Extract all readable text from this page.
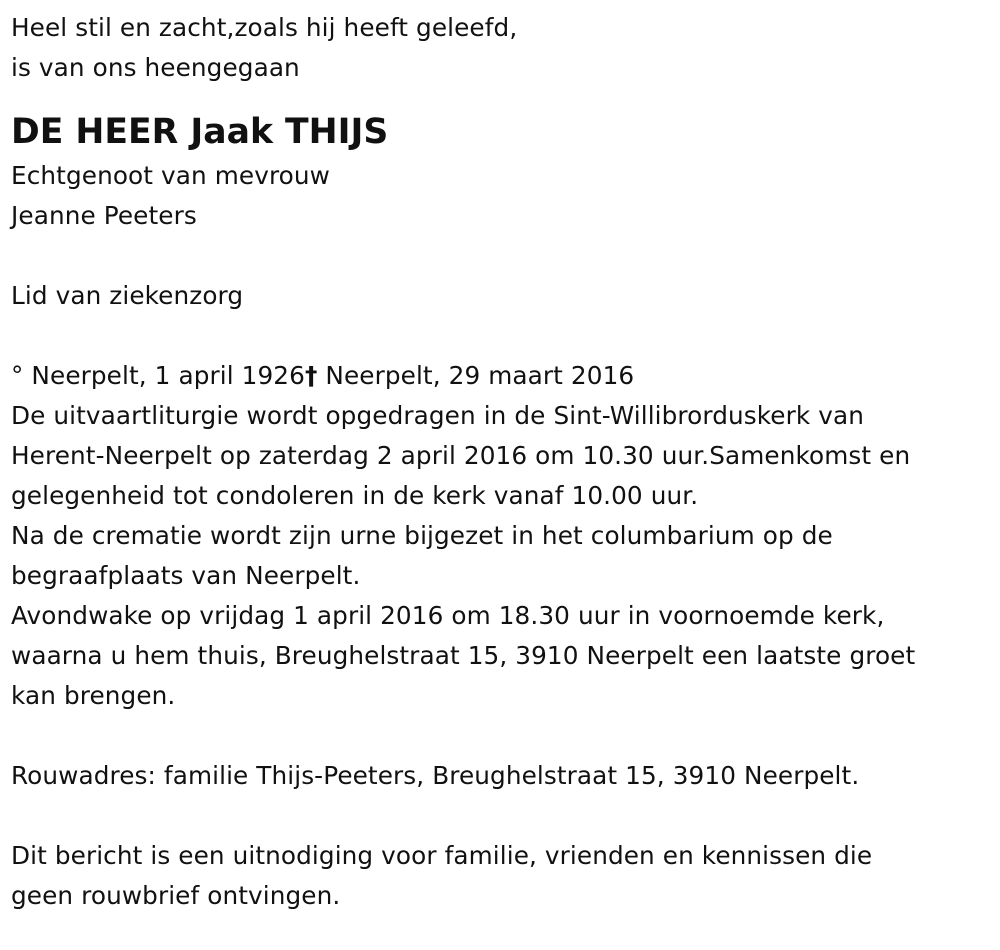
Heel stil en zacht,zoals hij heeft geleefd,
is van ons heengegaan
DE HEER Jaak THIJS
Echtgenoot van mevrouw
Jeanne Peeters
Lid van ziekenzorg
° Neerpelt, 1 april 1926† Neerpelt, 29 maart 2016
De uitvaartliturgie wordt opgedragen in de Sint-Willibrorduskerk van
Herent-Neerpelt op zaterdag 2 april 2016 om 10.30 uur.Samenkomst en
gelegenheid tot condoleren in de kerk vanaf 10.00 uur.
Na de crematie wordt zijn urne bijgezet in het columbarium op de
begraafplaats van Neerpelt.
Avondwake op vrijdag 1 april 2016 om 18.30 uur in voornoemde kerk,
waarna u hem thuis, Breughelstraat 15, 3910 Neerpelt een laatste groet
kan brengen.
Rouwadres: familie Thijs-Peeters, Breughelstraat 15, 3910 Neerpelt.
Dit bericht is een uitnodiging voor familie, vrienden en kennissen die
geen rouwbrief ontvingen.
